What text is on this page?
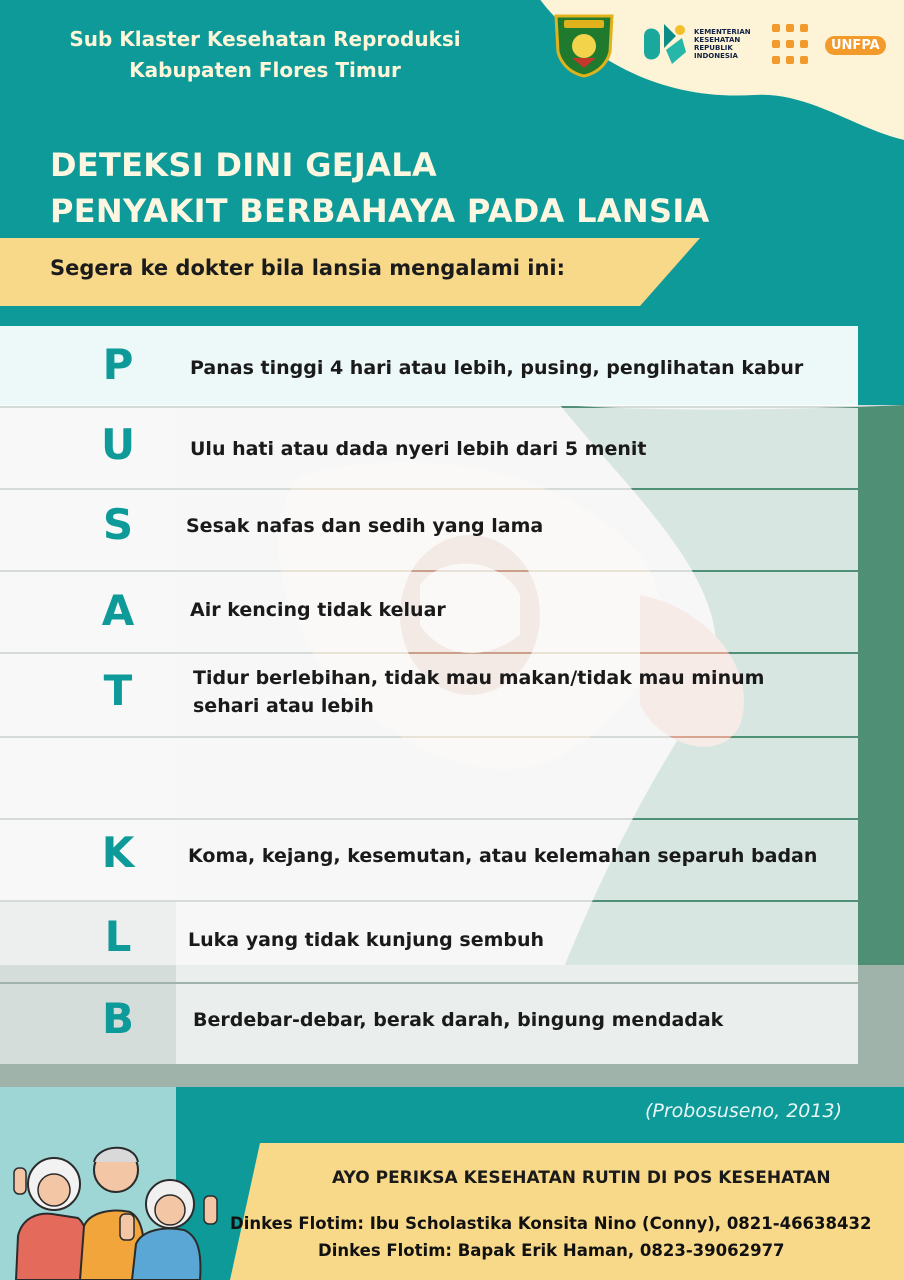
Sub Klaster Kesehatan Reproduksi
Kabupaten Flores Timur
KEMENTERIAN
KESEHATAN
REPUBLIK
INDONESIA
UNFPA
DETEKSI DINI GEJALA
PENYAKIT BERBAHAYA PADA LANSIA
Segera ke dokter bila lansia mengalami ini:
P	Panas tinggi 4 hari atau lebih, pusing, penglihatan kabur
U	Ulu hati atau dada nyeri lebih dari 5 menit
S	Sesak nafas dan sedih yang lama
A	Air kencing tidak keluar
T	Tidur berlebihan, tidak mau makan/tidak mau minum
sehari atau lebih
K	Koma, kejang, kesemutan, atau kelemahan separuh badan
L	Luka yang tidak kunjung sembuh
B	Berdebar-debar, berak darah, bingung mendadak
(Probosuseno, 2013)
AYO PERIKSA KESEHATAN RUTIN DI POS KESEHATAN
Dinkes Flotim: Ibu Scholastika Konsita Nino (Conny), 0821-46638432
Dinkes Flotim: Bapak Erik Haman, 0823-39062977
